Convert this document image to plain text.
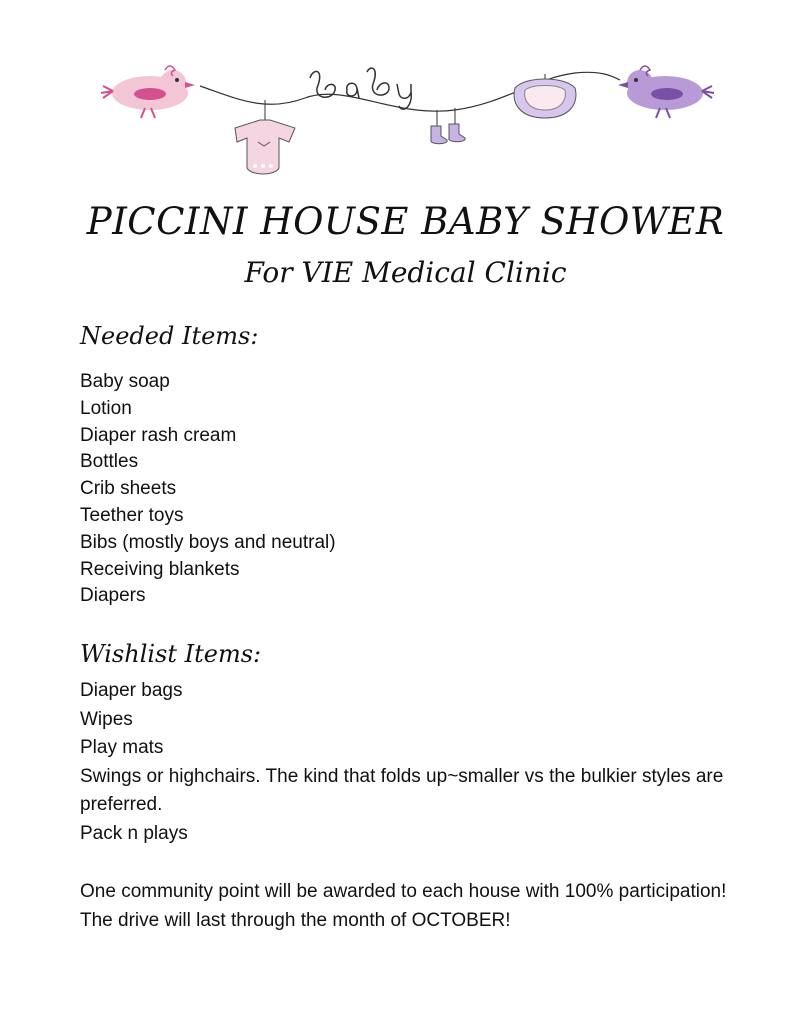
PICCINI HOUSE BABY SHOWER
For VIE Medical Clinic
Needed Items:
Baby soap
Lotion
Diaper rash cream
Bottles
Crib sheets
Teether toys
Bibs (mostly boys and neutral)
Receiving blankets
Diapers
Wishlist Items:
Diaper bags
Wipes
Play mats
Swings or highchairs. The kind that folds up~smaller vs the bulkier styles are preferred.
Pack n plays

One community point will be awarded to each house with 100% participation! The drive will last through the month of OCTOBER!
